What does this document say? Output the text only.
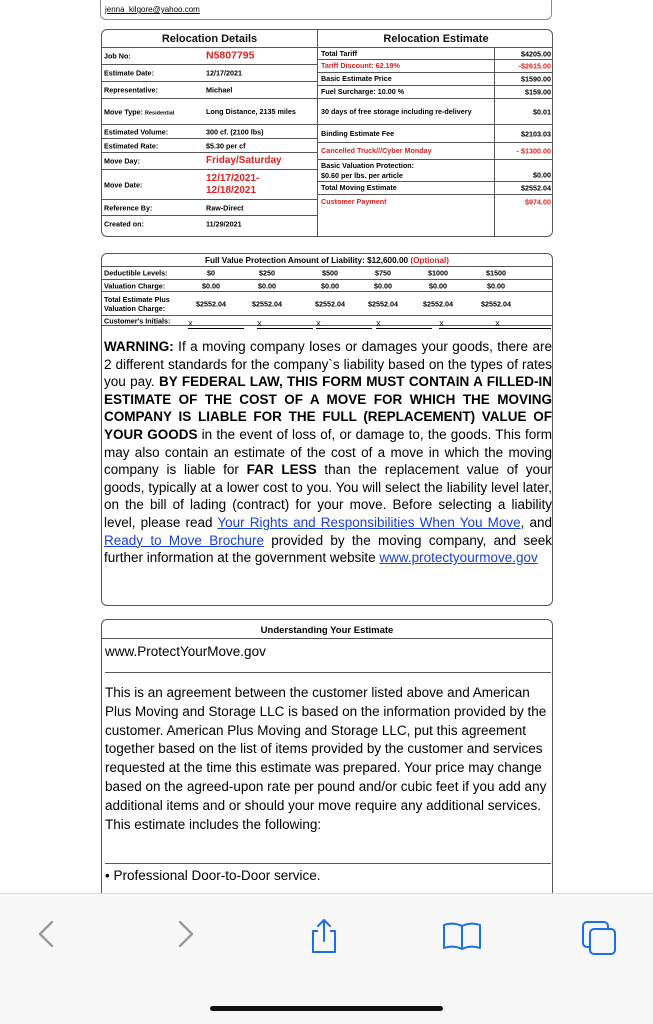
jenna_kilgore@yahoo.com
Relocation Details
Job No:	N5807795
Estimate Date:	12/17/2021
Representative:	Michael
Move Type: Residential	Long Distance, 2135 miles
Estimated Volume:	300 cf. (2100 lbs)
Estimated Rate:	$5.30 per cf
Move Day:	Friday/Saturday
Move Date:
12/17/2021-12/18/2021
Reference By:	Raw-Direct
Created on:	11/29/2021
Relocation Estimate
Total Tariff	$4205.00
Tariff Discount: 62.19%	-$2615.00
Basic Estimate Price	$1590.00
Fuel Surcharge: 10.00 %	$159.00
30 days of free storage including re-delivery	$0.01
Binding Estimate Fee	$2103.03
Cancelled Truck///Cyber Monday	- $1300.00
Basic Valuation Protection:
$0.60 per lbs. per article	$0.00
Total Moving Estimate	$2552.04
Customer Payment	$974.00
Full Value Protection Amount of Liability: $12,600.00 (Optional)
Deductible Levels:	$0	$250	$500	$750	$1000	$1500
Valuation Charge:	$0.00	$0.00	$0.00	$0.00	$0.00	$0.00
Total Estimate Plus
Valuation Charge:	$2552.04	$2552.04	$2552.04	$2552.04	$2552.04	$2552.04
Customer's Initials: X	X	X	X	X	X
WARNING: If a moving company loses or damages your goods, there are 2 different standards for the company`s liability based on the types of rates you pay. BY FEDERAL LAW, THIS FORM MUST CONTAIN A FILLED-IN ESTIMATE OF THE COST OF A MOVE FOR WHICH THE MOVING COMPANY IS LIABLE FOR THE FULL (REPLACEMENT) VALUE OF YOUR GOODS in the event of loss of, or damage to, the goods. This form may also contain an estimate of the cost of a move in which the moving company is liable for FAR LESS than the replacement value of your goods, typically at a lower cost to you. You will select the liability level later, on the bill of lading (contract) for your move. Before selecting a liability level, please read Your Rights and Responsibilities When You Move, and Ready to Move Brochure provided by the moving company, and seek further information at the government website www.protectyourmove.gov
Understanding Your Estimate
www.ProtectYourMove.gov

This is an agreement between the customer listed above and American Plus Moving and Storage LLC is based on the information provided by the customer. American Plus Moving and Storage LLC, put this agreement together based on the list of items provided by the customer and services requested at the time this estimate was prepared. Your price may change based on the agreed-upon rate per pound and/or cubic feet if you add any additional items and or should your move require any additional services. This estimate includes the following:

• Professional Door-to-Door service.
